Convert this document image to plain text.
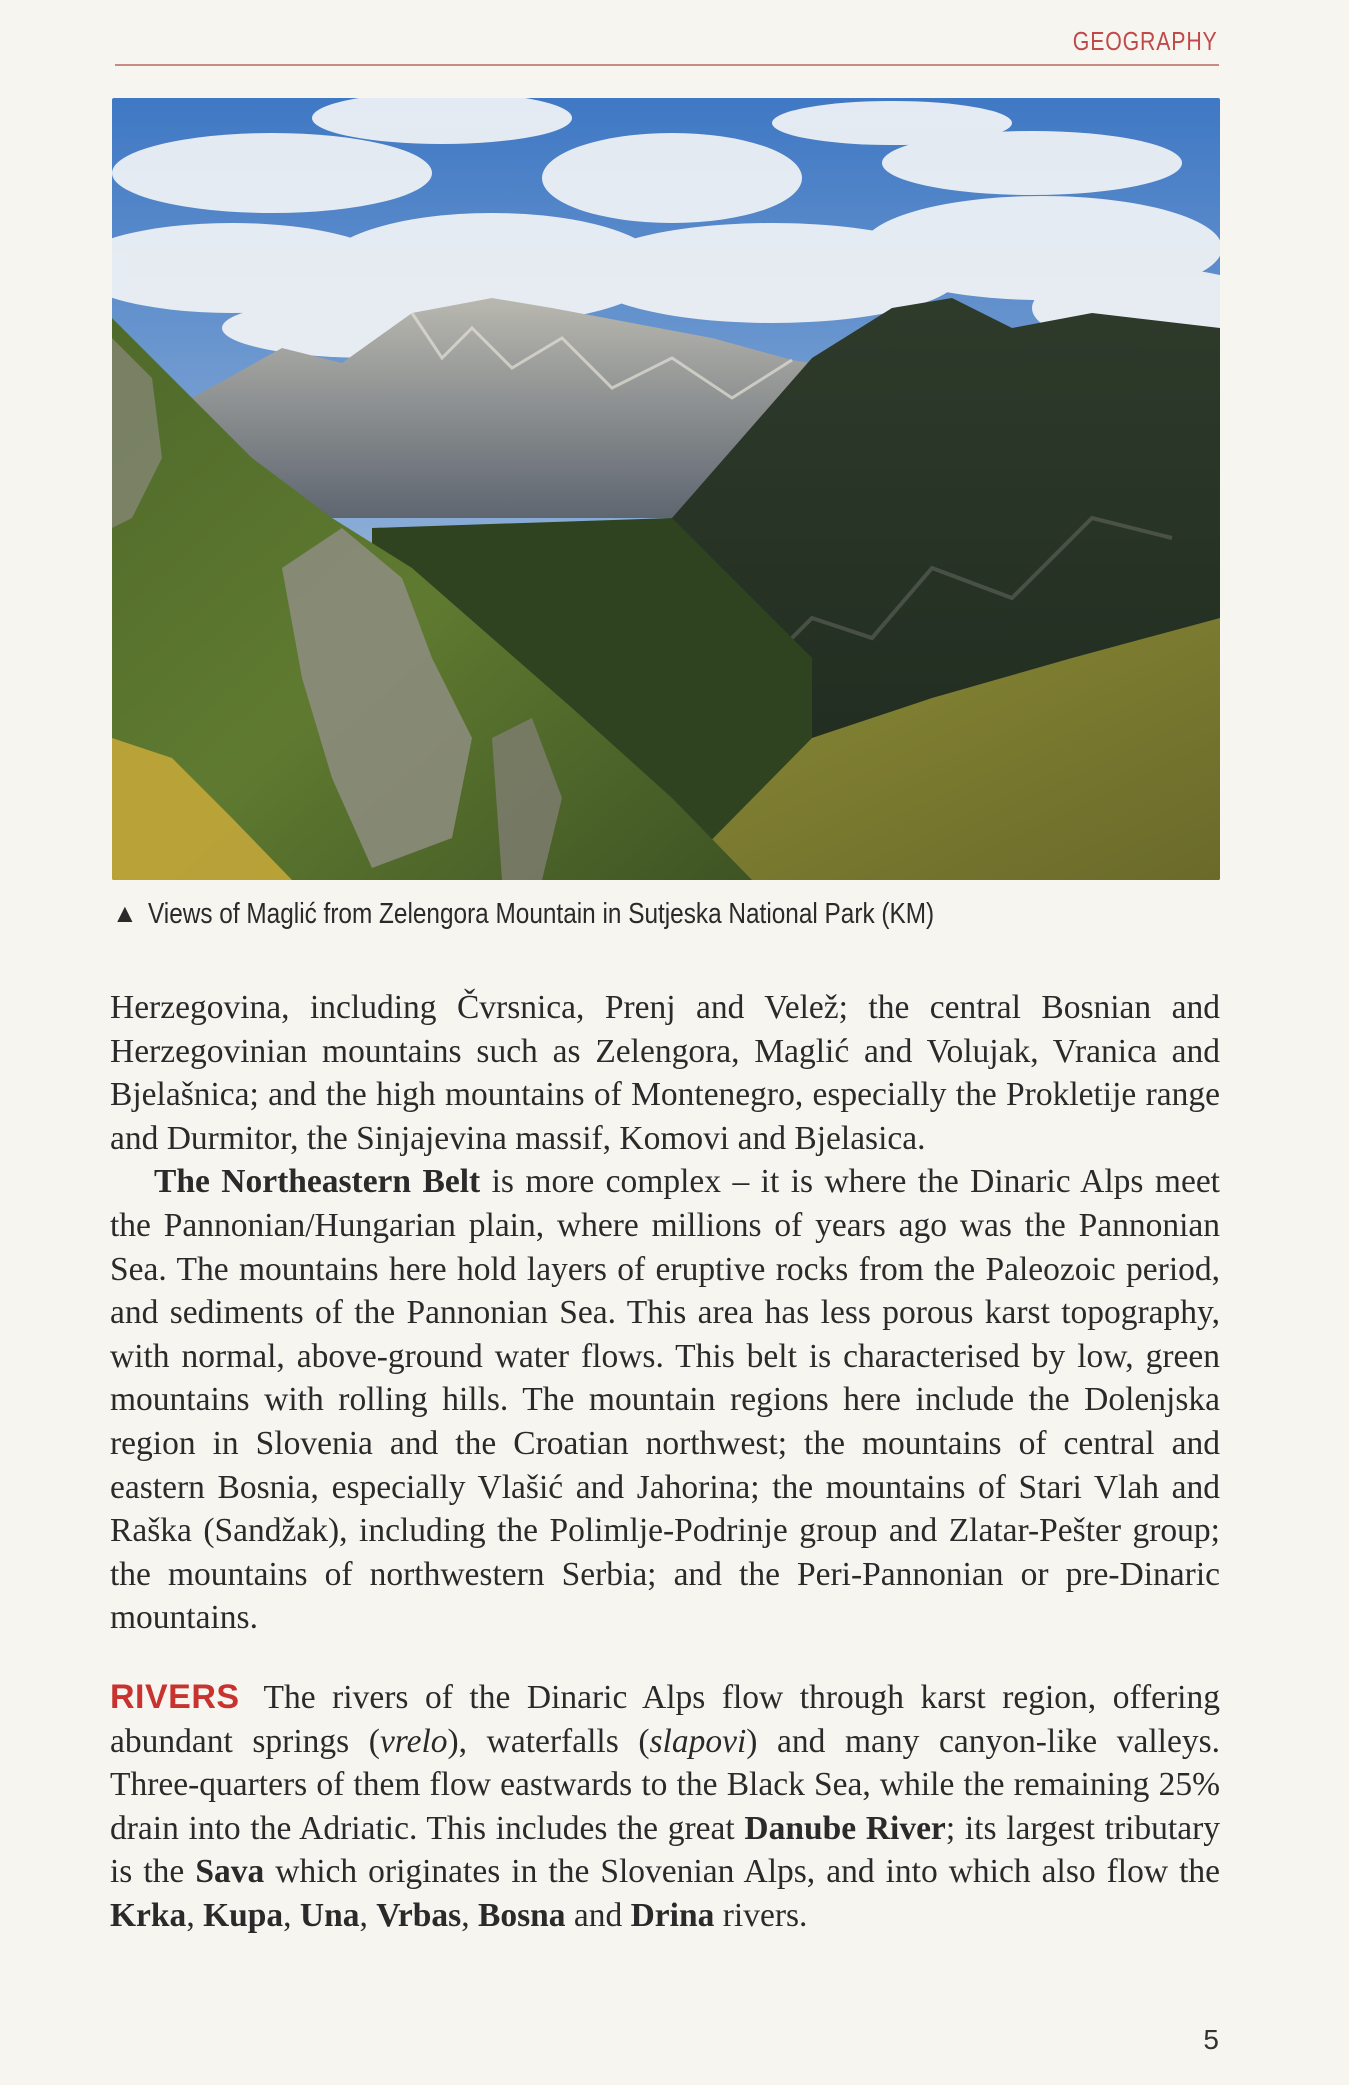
GEOGRAPHY
▲ Views of Maglić from Zelengora Mountain in Sutjeska National Park (KM)

Herzegovina, including Čvrsnica, Prenj and Velež; the central Bosnian and Herzegovinian mountains such as Zelengora, Maglić and Volujak, Vranica and Bjelašnica; and the high mountains of Montenegro, especially the Prokletije range and Durmitor, the Sinjajevina massif, Komovi and Bjelasica.

The Northeastern Belt is more complex – it is where the Dinaric Alps meet the Pannonian/Hungarian plain, where millions of years ago was the Pannonian Sea. The mountains here hold layers of eruptive rocks from the Paleozoic period, and sediments of the Pannonian Sea. This area has less porous karst topography, with normal, above-ground water flows. This belt is characterised by low, green mountains with rolling hills. The mountain regions here include the Dolenjska region in Slovenia and the Croatian northwest; the mountains of central and eastern Bosnia, especially Vlašić and Jahorina; the mountains of Stari Vlah and Raška (Sandžak), including the Polimlje-Podrinje group and Zlatar-Pešter group; the mountains of northwestern Serbia; and the Peri-Pannonian or pre-Dinaric mountains.

RIVERS The rivers of the Dinaric Alps flow through karst region, offering abundant springs (vrelo), waterfalls (slapovi) and many canyon-like valleys. Three-quarters of them flow eastwards to the Black Sea, while the remaining 25% drain into the Adriatic. This includes the great Danube River; its largest tributary is the Sava which originates in the Slovenian Alps, and into which also flow the Krka, Kupa, Una, Vrbas, Bosna and Drina rivers.

5
